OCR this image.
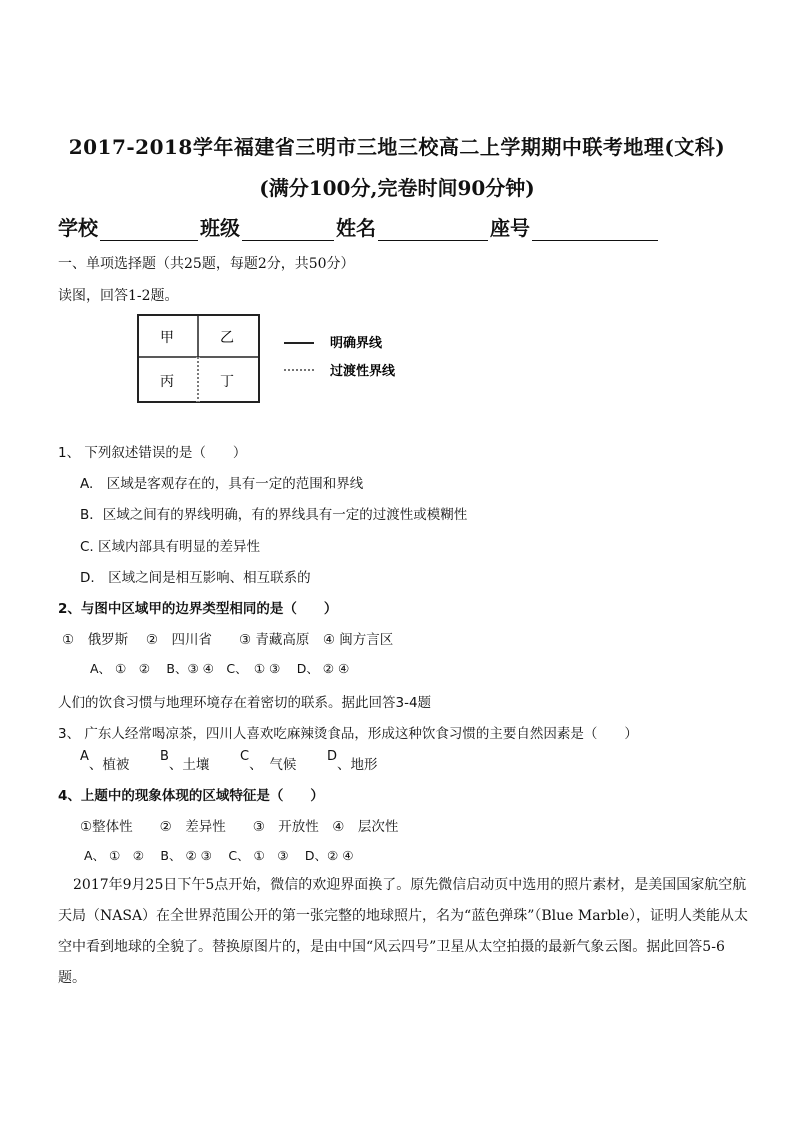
2017-2018学年福建省三明市三地三校高二上学期期中联考地理(文科)
(满分100分,完卷时间90分钟)
学校	班级	姓名	座号
一、单项选择题（共25题，每题2分，共50分）
读图，回答1-2题。
甲	乙
丙	丁
明确界线
过渡性界线
1、 下列叙述错误的是（　　）
A.　区域是客观存在的，具有一定的范围和界线
B．区域之间有的界线明确，有的界线具有一定的过渡性或模糊性
C. 区域内部具有明显的差异性
D.　区域之间是相互影响、相互联系的
2、与图中区域甲的边界类型相同的是（　　）
①　俄罗斯　 ②　四川省　　③ 青藏高原　④ 闽方言区
A、 ①　②　 B、③ ④　C、　① ③　 D、 ② ④
人们的饮食习惯与地理环境存在着密切的联系。据此回答3-4题
3、 广东人经常喝凉茶，四川人喜欢吃麻辣烫食品，形成这种饮食习惯的主要自然因素是（　　）
A、植被  B、土壤  C、　气候  D、地形
4、上题中的现象体现的区域特征是（　　）
①整体性　　②　差异性　　③　开放性　④　层次性
A、 ①　②　 B、 ② ③　 C、 ①　③　 D、② ④
2017年9月25日下午5点开始，微信的欢迎界面换了。原先微信启动页中选用的照片素材，是美国国家航空航天局（NASA）在全世界范围公开的第一张完整的地球照片，名为“蓝色弹珠”（Blue Marble），证明人类能从太空中看到地球的全貌了。替换原图片的，是由中国“风云四号”卫星从太空拍摄的最新气象云图。据此回答5-6题。
